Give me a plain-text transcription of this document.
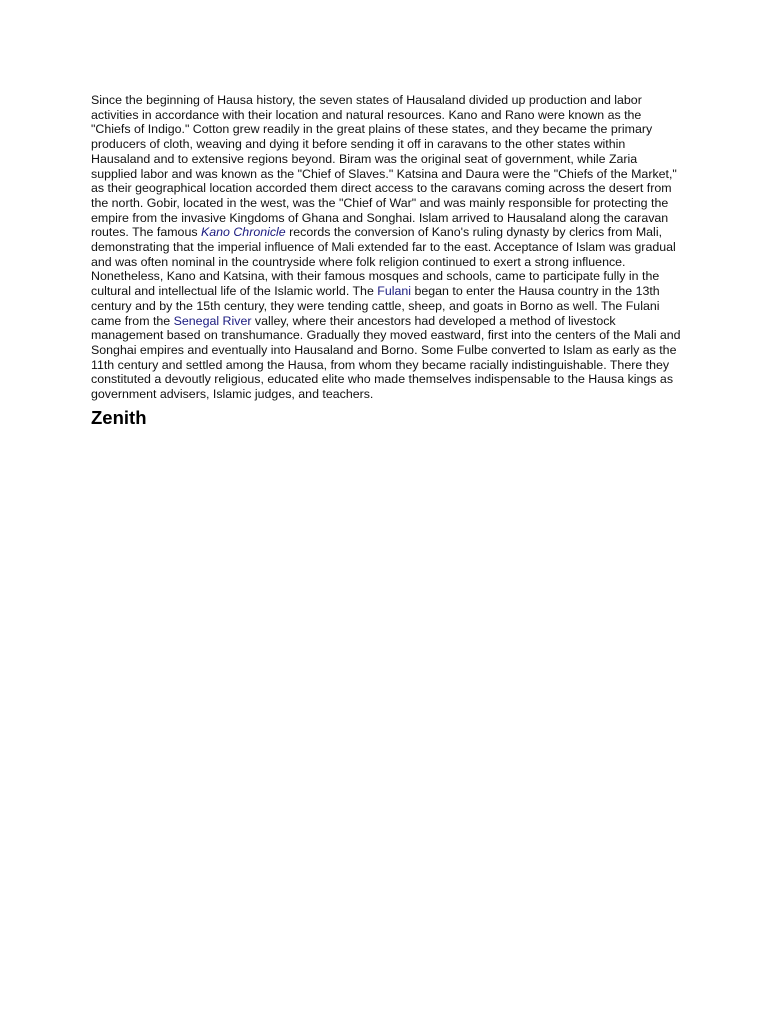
Since the beginning of Hausa history, the seven states of Hausaland divided up production and labor activities in accordance with their location and natural resources. Kano and Rano were known as the "Chiefs of Indigo." Cotton grew readily in the great plains of these states, and they became the primary producers of cloth, weaving and dying it before sending it off in caravans to the other states within Hausaland and to extensive regions beyond. Biram was the original seat of government, while Zaria supplied labor and was known as the "Chief of Slaves." Katsina and Daura were the "Chiefs of the Market," as their geographical location accorded them direct access to the caravans coming across the desert from the north. Gobir, located in the west, was the "Chief of War" and was mainly responsible for protecting the empire from the invasive Kingdoms of Ghana and Songhai. Islam arrived to Hausaland along the caravan routes. The famous Kano Chronicle records the conversion of Kano's ruling dynasty by clerics from Mali, demonstrating that the imperial influence of Mali extended far to the east. Acceptance of Islam was gradual and was often nominal in the countryside where folk religion continued to exert a strong influence. Nonetheless, Kano and Katsina, with their famous mosques and schools, came to participate fully in the cultural and intellectual life of the Islamic world. The Fulani began to enter the Hausa country in the 13th century and by the 15th century, they were tending cattle, sheep, and goats in Borno as well. The Fulani came from the Senegal River valley, where their ancestors had developed a method of livestock management based on transhumance. Gradually they moved eastward, first into the centers of the Mali and Songhai empires and eventually into Hausaland and Borno. Some Fulbe converted to Islam as early as the 11th century and settled among the Hausa, from whom they became racially indistinguishable. There they constituted a devoutly religious, educated elite who made themselves indispensable to the Hausa kings as government advisers, Islamic judges, and teachers.

Zenith
